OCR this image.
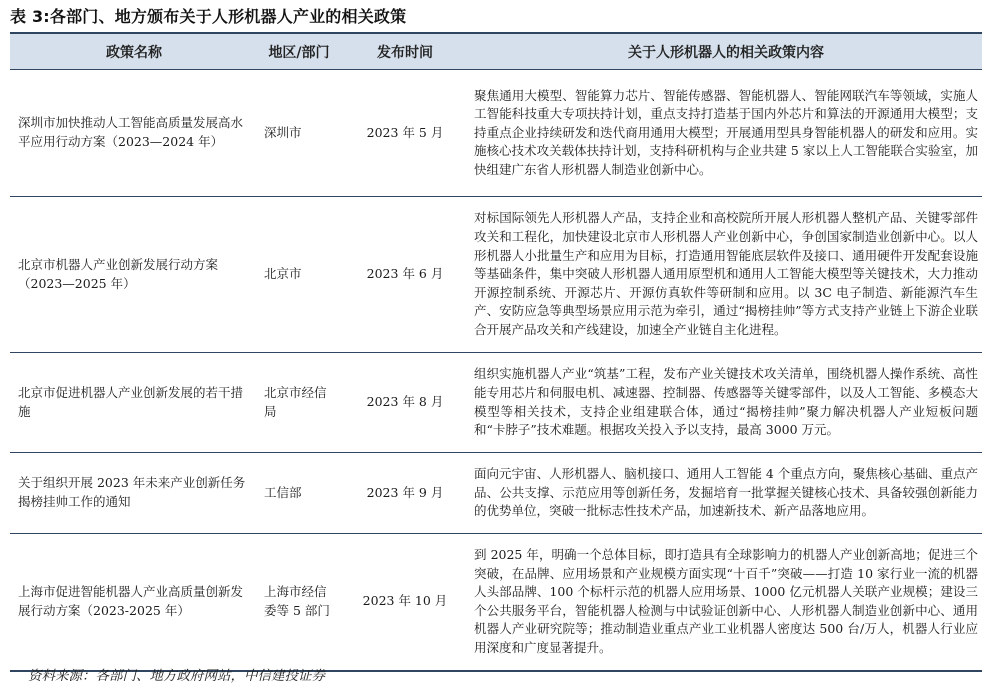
表 3:各部门、地方颁布关于人形机器人产业的相关政策
政策名称	地区/部门	发布时间	关于人形机器人的相关政策内容
深圳市加快推动人工智能高质量发展高水平应用行动方案（2023—2024 年）	深圳市	2023 年 5 月	聚焦通用大模型、智能算力芯片、智能传感器、智能机器人、智能网联汽车等领域，实施人工智能科技重大专项扶持计划，重点支持打造基于国内外芯片和算法的开源通用大模型；支持重点企业持续研发和迭代商用通用大模型；开展通用型具身智能机器人的研发和应用。实施核心技术攻关载体扶持计划，支持科研机构与企业共建 5 家以上人工智能联合实验室，加快组建广东省人形机器人制造业创新中心。
北京市机器人产业创新发展行动方案（2023—2025 年）	北京市	2023 年 6 月	对标国际领先人形机器人产品，支持企业和高校院所开展人形机器人整机产品、关键零部件攻关和工程化，加快建设北京市人形机器人产业创新中心，争创国家制造业创新中心。以人形机器人小批量生产和应用为目标，打造通用智能底层软件及接口、通用硬件开发配套设施等基础条件，集中突破人形机器人通用原型机和通用人工智能大模型等关键技术，大力推动开源控制系统、开源芯片、开源仿真软件等研制和应用。以 3C 电子制造、新能源汽车生产、安防应急等典型场景应用示范为牵引，通过“揭榜挂帅”等方式支持产业链上下游企业联合开展产品攻关和产线建设，加速全产业链自主化进程。
北京市促进机器人产业创新发展的若干措施	北京市经信局	2023 年 8 月	组织实施机器人产业“筑基”工程，发布产业关键技术攻关清单，围绕机器人操作系统、高性能专用芯片和伺服电机、减速器、控制器、传感器等关键零部件，以及人工智能、多模态大模型等相关技术，支持企业组建联合体，通过“揭榜挂帅”聚力解决机器人产业短板问题和“卡脖子”技术难题。根据攻关投入予以支持，最高 3000 万元。
关于组织开展 2023 年未来产业创新任务揭榜挂帅工作的通知	工信部	2023 年 9 月	面向元宇宙、人形机器人、脑机接口、通用人工智能 4 个重点方向，聚焦核心基础、重点产品、公共支撑、示范应用等创新任务，发掘培育一批掌握关键核心技术、具备较强创新能力的优势单位，突破一批标志性技术产品，加速新技术、新产品落地应用。
上海市促进智能机器人产业高质量创新发展行动方案（2023-2025 年）	上海市经信委等 5 部门	2023 年 10 月	到 2025 年，明确一个总体目标，即打造具有全球影响力的机器人产业创新高地；促进三个突破，在品牌、应用场景和产业规模方面实现“十百千”突破——打造 10 家行业一流的机器人头部品牌、100 个标杆示范的机器人应用场景、1000 亿元机器人关联产业规模；建设三个公共服务平台，智能机器人检测与中试验证创新中心、人形机器人制造业创新中心、通用机器人产业研究院等；推动制造业重点产业工业机器人密度达 500 台/万人，机器人行业应用深度和广度显著提升。
资料来源：各部门、地方政府网站，中信建投证券
